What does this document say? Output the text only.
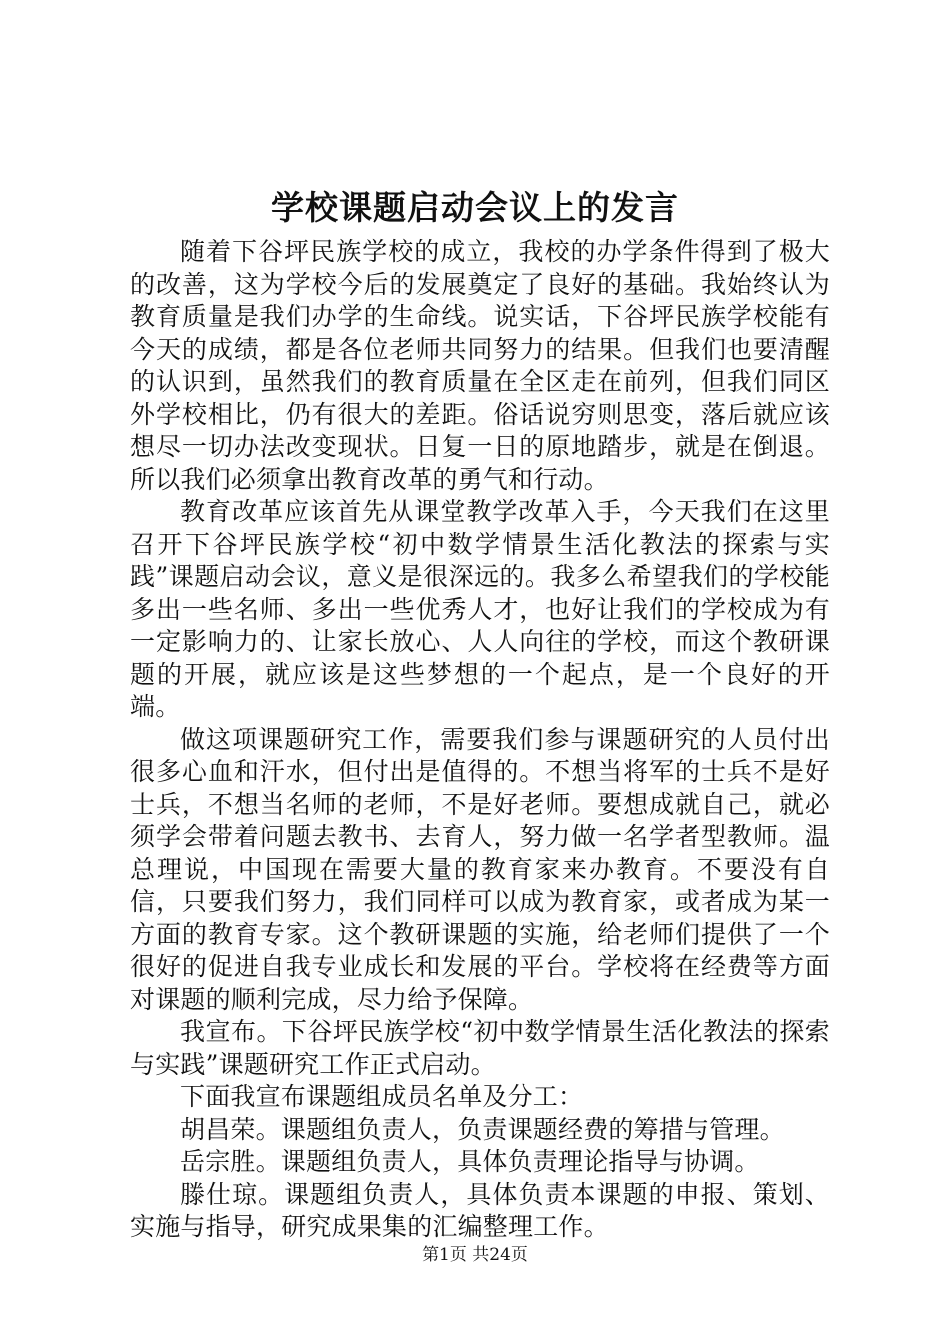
学校课题启动会议上的发言

随着下谷坪民族学校的成立，我校的办学条件得到了极大的改善，这为学校今后的发展奠定了良好的基础。我始终认为教育质量是我们办学的生命线。说实话，下谷坪民族学校能有今天的成绩，都是各位老师共同努力的结果。但我们也要清醒的认识到，虽然我们的教育质量在全区走在前列，但我们同区外学校相比，仍有很大的差距。俗话说穷则思变，落后就应该想尽一切办法改变现状。日复一日的原地踏步，就是在倒退。所以我们必须拿出教育改革的勇气和行动。

教育改革应该首先从课堂教学改革入手，今天我们在这里召开下谷坪民族学校“初中数学情景生活化教法的探索与实践”课题启动会议，意义是很深远的。我多么希望我们的学校能多出一些名师、多出一些优秀人才，也好让我们的学校成为有一定影响力的、让家长放心、人人向往的学校，而这个教研课题的开展，就应该是这些梦想的一个起点，是一个良好的开端。

做这项课题研究工作，需要我们参与课题研究的人员付出很多心血和汗水，但付出是值得的。不想当将军的士兵不是好士兵，不想当名师的老师，不是好老师。要想成就自己，就必须学会带着问题去教书、去育人，努力做一名学者型教师。温总理说，中国现在需要大量的教育家来办教育。不要没有自信，只要我们努力，我们同样可以成为教育家，或者成为某一方面的教育专家。这个教研课题的实施，给老师们提供了一个很好的促进自我专业成长和发展的平台。学校将在经费等方面对课题的顺利完成，尽力给予保障。

我宣布。下谷坪民族学校“初中数学情景生活化教法的探索与实践”课题研究工作正式启动。

下面我宣布课题组成员名单及分工：

胡昌荣。课题组负责人，负责课题经费的筹措与管理。

岳宗胜。课题组负责人，具体负责理论指导与协调。

滕仕琼。课题组负责人，具体负责本课题的申报、策划、实施与指导，研究成果集的汇编整理工作。

第1页 共24页
